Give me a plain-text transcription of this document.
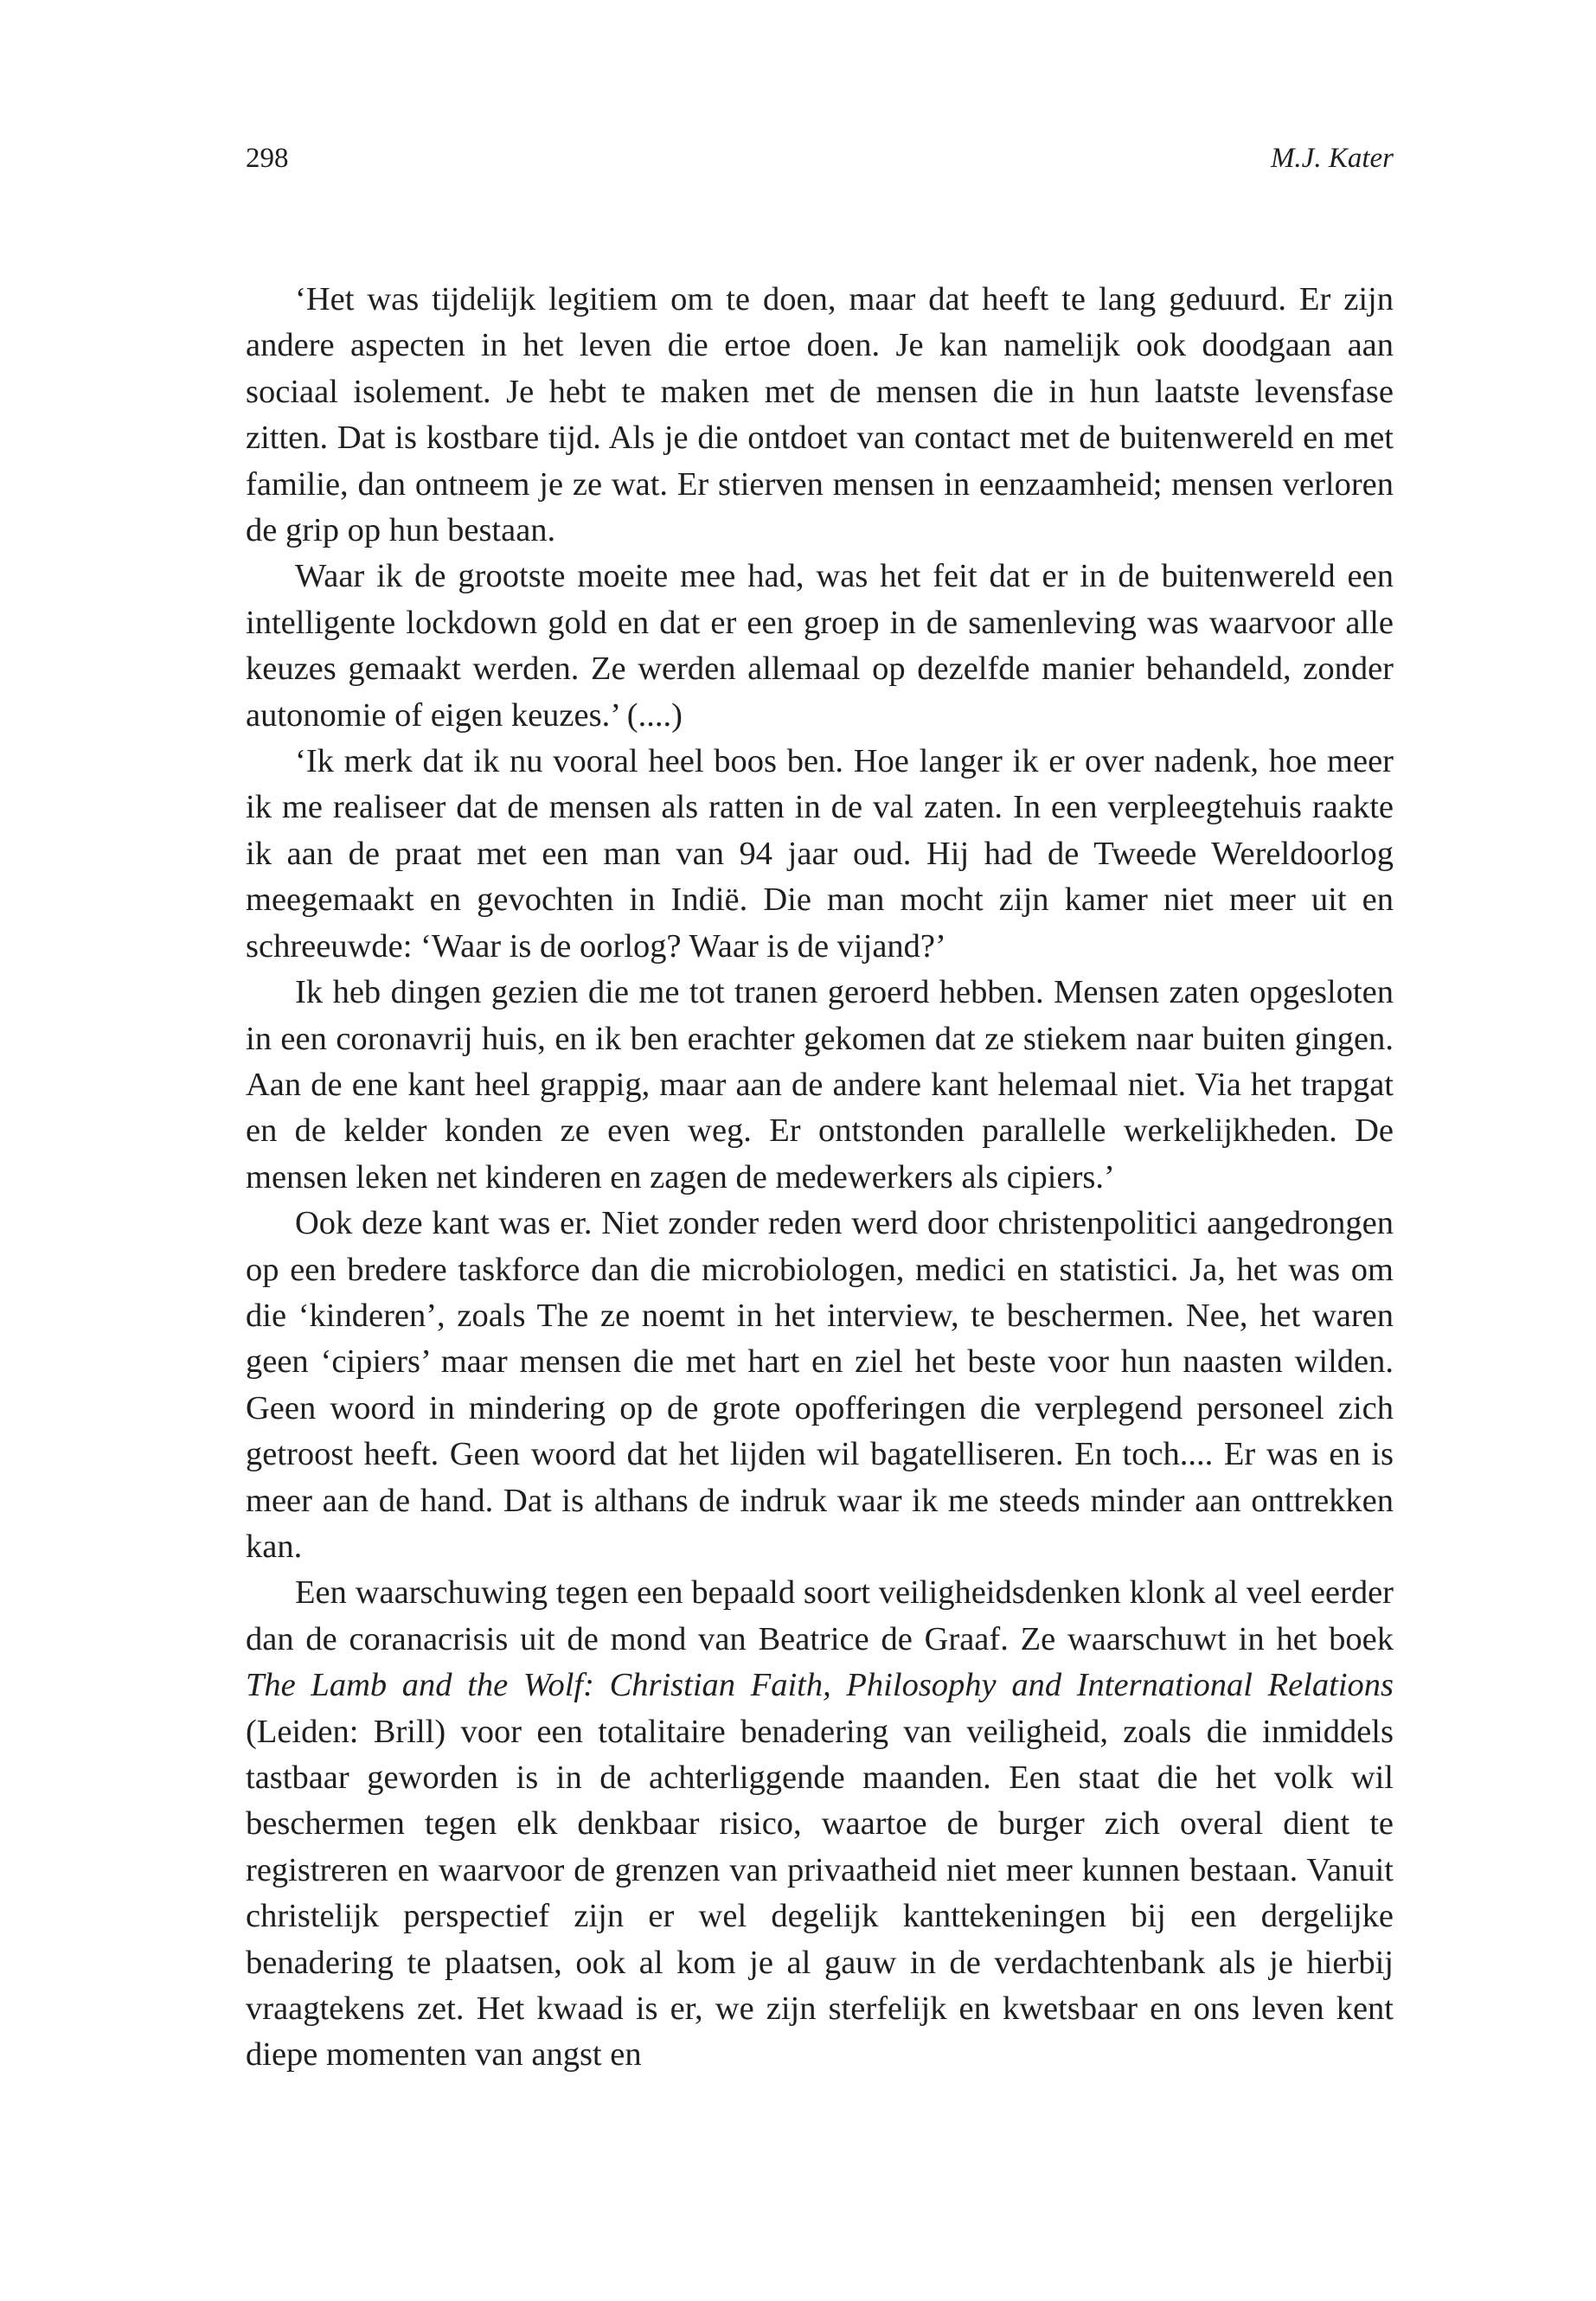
298	M.J. Kater

‘Het was tijdelijk legitiem om te doen, maar dat heeft te lang geduurd. Er zijn andere aspecten in het leven die ertoe doen. Je kan namelijk ook doodgaan aan sociaal isolement. Je hebt te maken met de mensen die in hun laatste levensfase zitten. Dat is kostbare tijd. Als je die ontdoet van contact met de buitenwereld en met familie, dan ontneem je ze wat. Er stierven mensen in eenzaamheid; mensen verloren de grip op hun bestaan.

Waar ik de grootste moeite mee had, was het feit dat er in de buitenwereld een intelligente lockdown gold en dat er een groep in de samenleving was waarvoor alle keuzes gemaakt werden. Ze werden allemaal op dezelfde manier behandeld, zonder autonomie of eigen keuzes.’ (....)

‘Ik merk dat ik nu vooral heel boos ben. Hoe langer ik er over nadenk, hoe meer ik me realiseer dat de mensen als ratten in de val zaten. In een verpleegtehuis raakte ik aan de praat met een man van 94 jaar oud. Hij had de Tweede Wereldoorlog meegemaakt en gevochten in Indië. Die man mocht zijn kamer niet meer uit en schreeuwde: ‘Waar is de oorlog? Waar is de vijand?’

Ik heb dingen gezien die me tot tranen geroerd hebben. Mensen zaten opgesloten in een coronavrij huis, en ik ben erachter gekomen dat ze stiekem naar buiten gingen. Aan de ene kant heel grappig, maar aan de andere kant helemaal niet. Via het trapgat en de kelder konden ze even weg. Er ontstonden parallelle werkelijkheden. De mensen leken net kinderen en zagen de medewerkers als cipiers.’

Ook deze kant was er. Niet zonder reden werd door christenpolitici aangedrongen op een bredere taskforce dan die microbiologen, medici en statistici. Ja, het was om die ‘kinderen’, zoals The ze noemt in het interview, te beschermen. Nee, het waren geen ‘cipiers’ maar mensen die met hart en ziel het beste voor hun naasten wilden. Geen woord in mindering op de grote opofferingen die verplegend personeel zich getroost heeft. Geen woord dat het lijden wil bagatelliseren. En toch.... Er was en is meer aan de hand. Dat is althans de indruk waar ik me steeds minder aan onttrekken kan.

Een waarschuwing tegen een bepaald soort veiligheidsdenken klonk al veel eerder dan de coranacrisis uit de mond van Beatrice de Graaf. Ze waarschuwt in het boek The Lamb and the Wolf: Christian Faith, Philosophy and International Relations (Leiden: Brill) voor een totalitaire benadering van veiligheid, zoals die inmiddels tastbaar geworden is in de achterliggende maanden. Een staat die het volk wil beschermen tegen elk denkbaar risico, waartoe de burger zich overal dient te registreren en waarvoor de grenzen van privaatheid niet meer kunnen bestaan. Vanuit christelijk perspectief zijn er wel degelijk kanttekeningen bij een dergelijke benadering te plaatsen, ook al kom je al gauw in de verdachtenbank als je hierbij vraagtekens zet. Het kwaad is er, we zijn sterfelijk en kwetsbaar en ons leven kent diepe momenten van angst en
